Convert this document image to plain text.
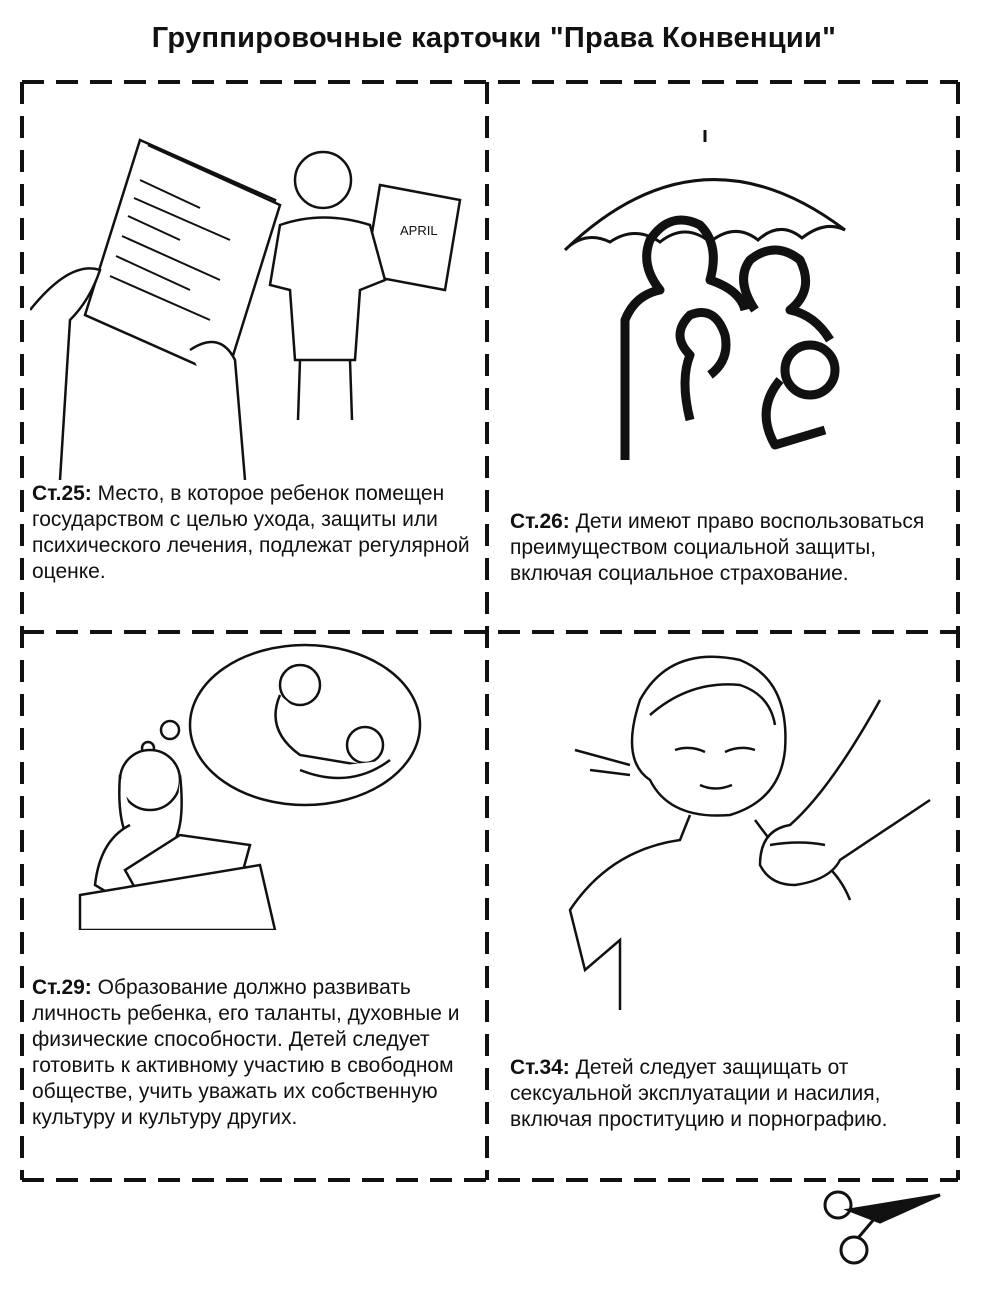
Группировочные карточки "Права Конвенции"
APRIL
Ст.25: Место, в которое ребенок помещен государством с целью ухода, защиты или психического лечения, подлежат регулярной оценке.
Ст.26: Дети имеют право воспользоваться преимуществом социальной защиты, включая социальное страхование.
Ст.29: Образование должно развивать личность ребенка, его таланты, духовные и физические способности. Детей следует готовить к активному участию в свободном обществе, учить уважать их собственную культуру и культуру других.
Ст.34: Детей следует защищать от сексуальной эксплуатации и насилия, включая проституцию и порнографию.
